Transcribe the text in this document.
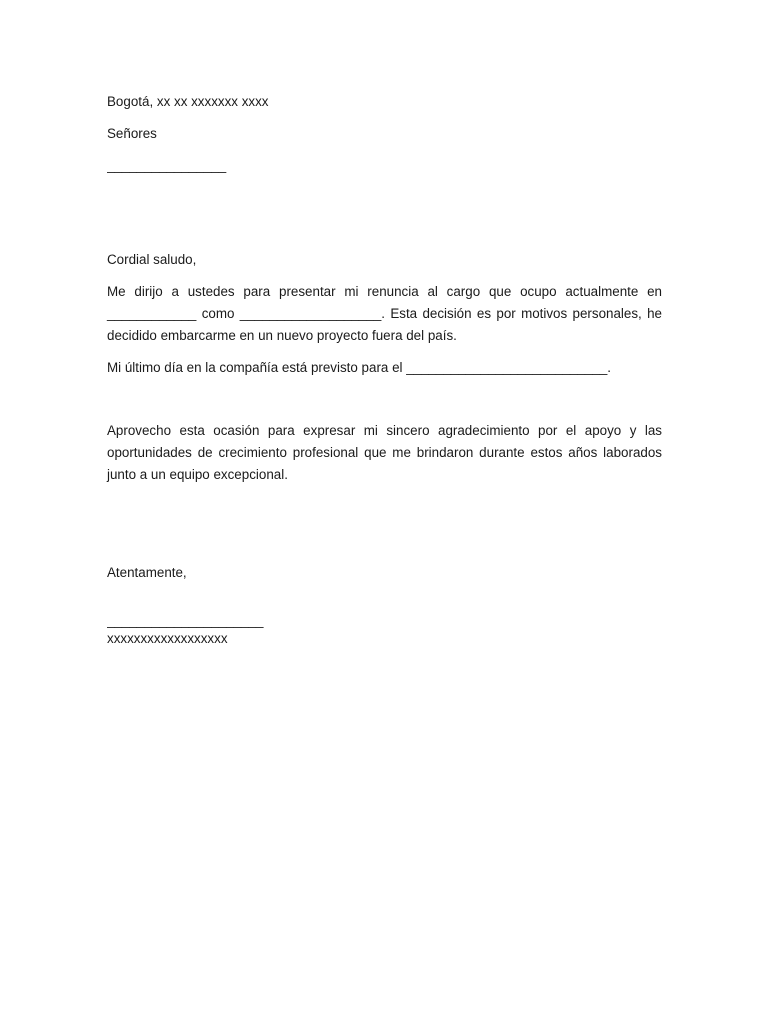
Bogotá, xx xx xxxxxxx xxxx
Señores
________________
Cordial saludo,
Me dirijo a ustedes para presentar mi renuncia al cargo que ocupo actualmente en ____________ como ___________________. Esta decisión es por motivos personales, he decidido embarcarme en un nuevo proyecto fuera del país.
Mi último día en la compañía está previsto para el ___________________________.
Aprovecho esta ocasión para expresar mi sincero agradecimiento por el apoyo y las oportunidades de crecimiento profesional que me brindaron durante estos años laborados junto a un equipo excepcional.
Atentamente,
_____________________
xxxxxxxxxxxxxxxxxx
